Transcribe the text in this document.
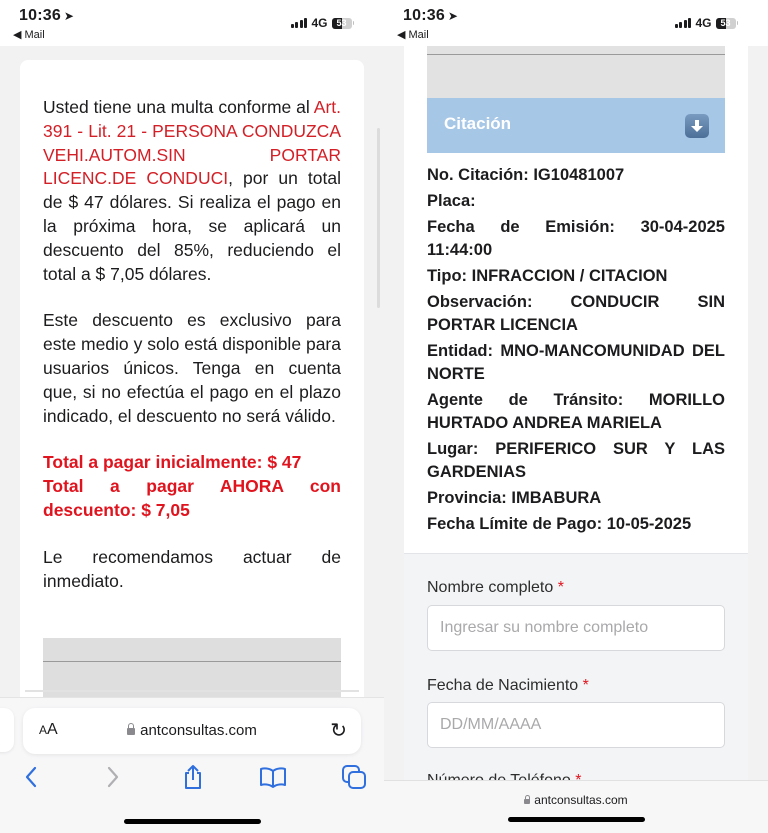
10:36 ➤
◀ Mail
4G 53

Usted tiene una multa conforme al Art. 391 - Lit. 21 - PERSONA CONDUZCA VEHI.AUTOM.SIN PORTAR LICENC.DE CONDUCI, por un total de $ 47 dólares. Si realiza el pago en la próxima hora, se aplicará un descuento del 85%, reduciendo el total a $ 7,05 dólares.

Este descuento es exclusivo para este medio y solo está disponible para usuarios únicos. Tenga en cuenta que, si no efectúa el pago en el plazo indicado, el descuento no será válido.

Total a pagar inicialmente: $ 47
Total a pagar AHORA con descuento: $ 7,05

Le recomendamos actuar de inmediato.

AA	antconsultas.com	↻
10:36 ➤
◀ Mail
4G 53
Citación
No. Citación: IG10481007
Placa:
Fecha de Emisión: 30-04-2025 11:44:00
Tipo: INFRACCION / CITACION
Observación: CONDUCIR SIN PORTAR LICENCIA
Entidad: MNO-MANCOMUNIDAD DEL NORTE
Agente de Tránsito: MORILLO HURTADO ANDREA MARIELA
Lugar: PERIFERICO SUR Y LAS GARDENIAS
Provincia: IMBABURA
Fecha Límite de Pago: 10-05-2025
Nombre completo *
Ingresar su nombre completo
Fecha de Nacimiento *
DD/MM/AAAA
antconsultas.com
